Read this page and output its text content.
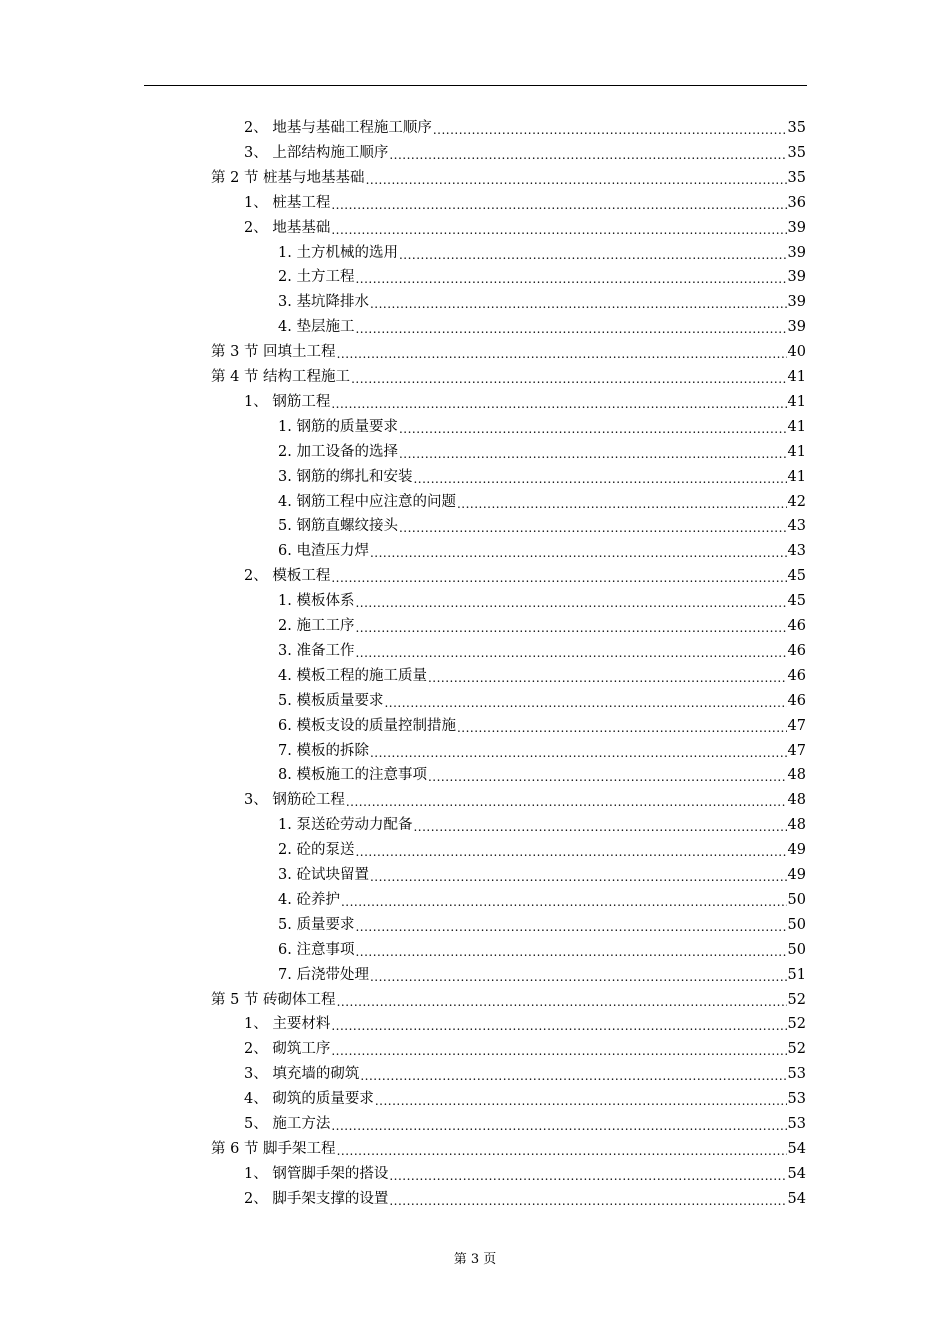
2、 地基与基础工程施工顺序 .....	35
3、 上部结构施工顺序 .....	35
第 2 节 桩基与地基基础 .....	35
1、 桩基工程 .....	36
2、 地基基础 .....	39
1. 土方机械的选用 .....	39
2. 土方工程 .....	39
3. 基坑降排水 .....	39
4. 垫层施工 .....	39
第 3 节 回填土工程 .....	40
第 4 节 结构工程施工 .....	41
1、 钢筋工程 .....	41
1. 钢筋的质量要求 .....	41
2. 加工设备的选择 .....	41
3. 钢筋的绑扎和安装 .....	41
4. 钢筋工程中应注意的问题 .....	42
5. 钢筋直螺纹接头 .....	43
6. 电渣压力焊 .....	43
2、 模板工程 .....	45
1. 模板体系 .....	45
2. 施工工序 .....	46
3. 准备工作 .....	46
4. 模板工程的施工质量 .....	46
5. 模板质量要求 .....	46
6. 模板支设的质量控制措施 .....	47
7. 模板的拆除 .....	47
8. 模板施工的注意事项 .....	48
3、 钢筋砼工程 .....	48
1. 泵送砼劳动力配备 .....	48
2. 砼的泵送 .....	49
3. 砼试块留置 .....	49
4. 砼养护 .....	50
5. 质量要求 .....	50
6. 注意事项 .....	50
7. 后浇带处理 .....	51
第 5 节 砖砌体工程 .....	52
1、 主要材料 .....	52
2、 砌筑工序 .....	52
3、 填充墙的砌筑 .....	53
4、 砌筑的质量要求 .....	53
5、 施工方法 .....	53
第 6 节 脚手架工程 .....	54
1、 钢管脚手架的搭设 .....	54
2、 脚手架支撑的设置 .....	54
第 3 页
